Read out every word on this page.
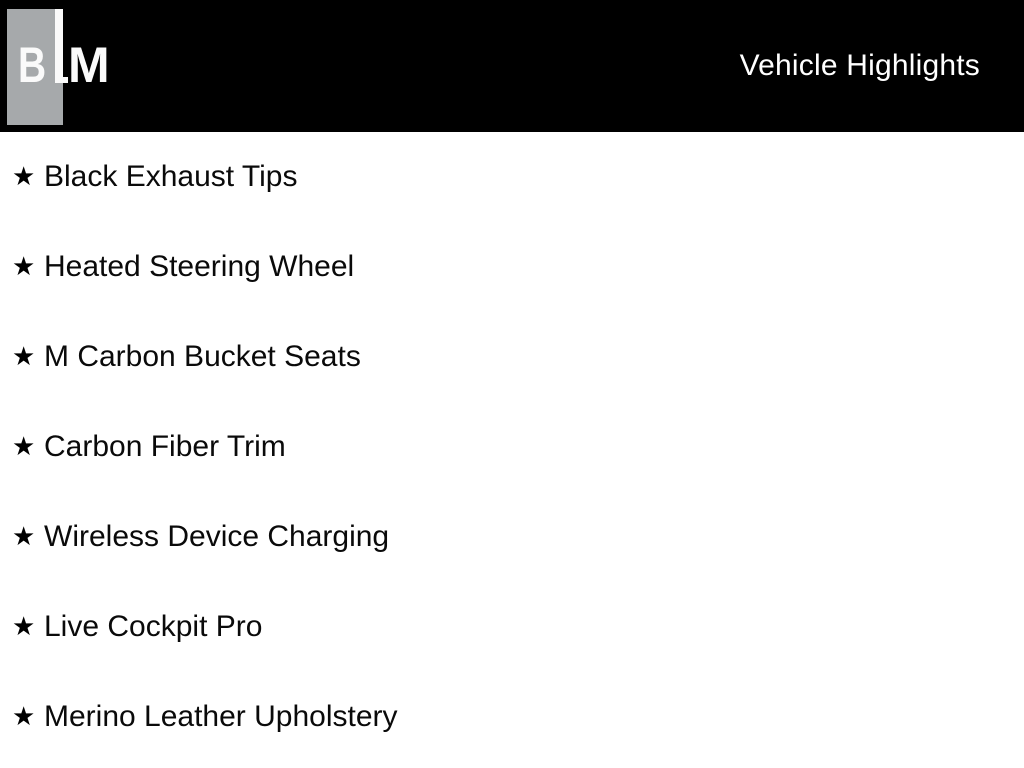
B M	Vehicle Highlights
★ Black Exhaust Tips
★ Heated Steering Wheel
★ M Carbon Bucket Seats
★ Carbon Fiber Trim
★ Wireless Device Charging
★ Live Cockpit Pro
★ Merino Leather Upholstery
